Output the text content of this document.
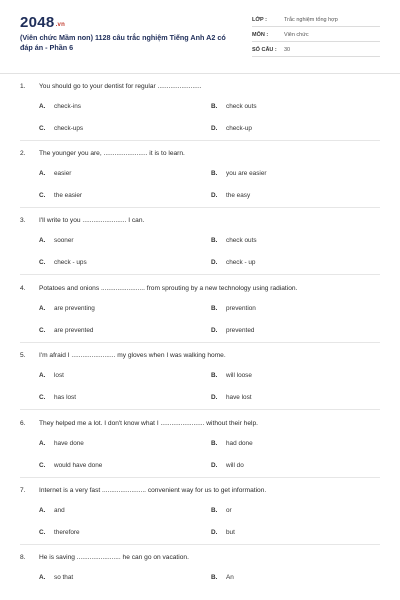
2048.vn
(Viên chức Mầm non) 1128 câu trắc nghiệm Tiếng Anh A2 có đáp án - Phần 6
LỚP :	Trắc nghiệm tổng hợp
MÔN :	Viên chức
SỐ CÂU : 30
1. You should go to your dentist for regular ........................
A. check-ins	B. check outs
C. check-ups	D. check-up
2. The younger you are, ........................ it is to learn.
A. easier	B. you are easier
C. the easier	D. the easy
3. I'll write to you ........................ I can.
A. sooner	B. check outs
C. check - ups	D. check - up
4. Potatoes and onions ........................ from sprouting by a new technology using radiation.
A. are preventing	B. prevention
C. are prevented	D. prevented
5. I'm afraid I ........................ my gloves when I was walking home.
A. lost	B. will loose
C. has lost	D. have lost
6. They helped me a lot. I don't know what I ........................ without their help.
A. have done	B. had done
C. would have done	D. will do
7. Internet is a very fast ........................ convenient way for us to get information.
A. and	B. or
C. therefore	D. but
8. He is saving ........................ he can go on vacation.
A. so that	B. An
